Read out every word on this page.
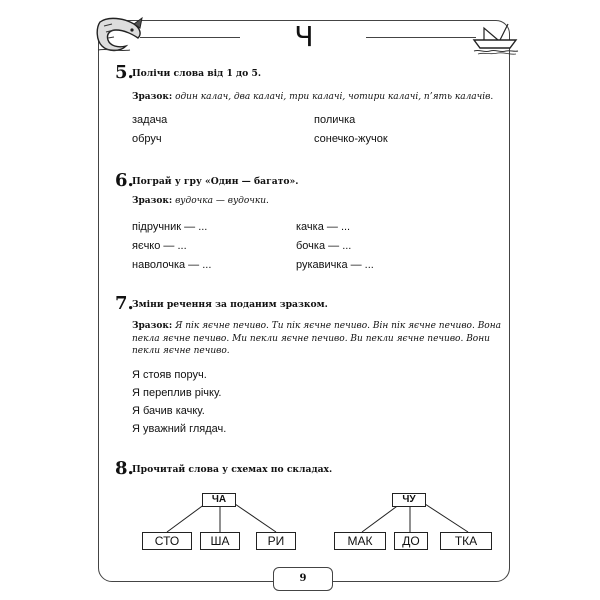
Ч
5.
Полічи слова від 1 до 5.
Зразок: один калач, два калачі, три калачі, чотири калачі, п’ять калачів.
задача	поличка
обруч	сонечко-жучок
6.
Пограй у гру «Один — багато».
Зразок: вудочка — вудочки.
підручник — ...	качка — ...
яєчко — ...	бочка — ...
наволочка — ...	рукавичка — ...
7.
Зміни речення за поданим зразком.
Зразок: Я пік яєчне печиво. Ти пік яєчне печиво. Він пік яєчне печиво. Вона
пекла яєчне печиво. Ми пекли яєчне печиво. Ви пекли яєчне печиво. Вони
пекли яєчне печиво.
Я стояв поруч.
Я переплив річку.
Я бачив качку.
Я уважний глядач.
8.
Прочитай слова у схемах по складах.
ЧА
СТО	ША	РИ
ЧУ
МАК	ДО	ТКА
9
